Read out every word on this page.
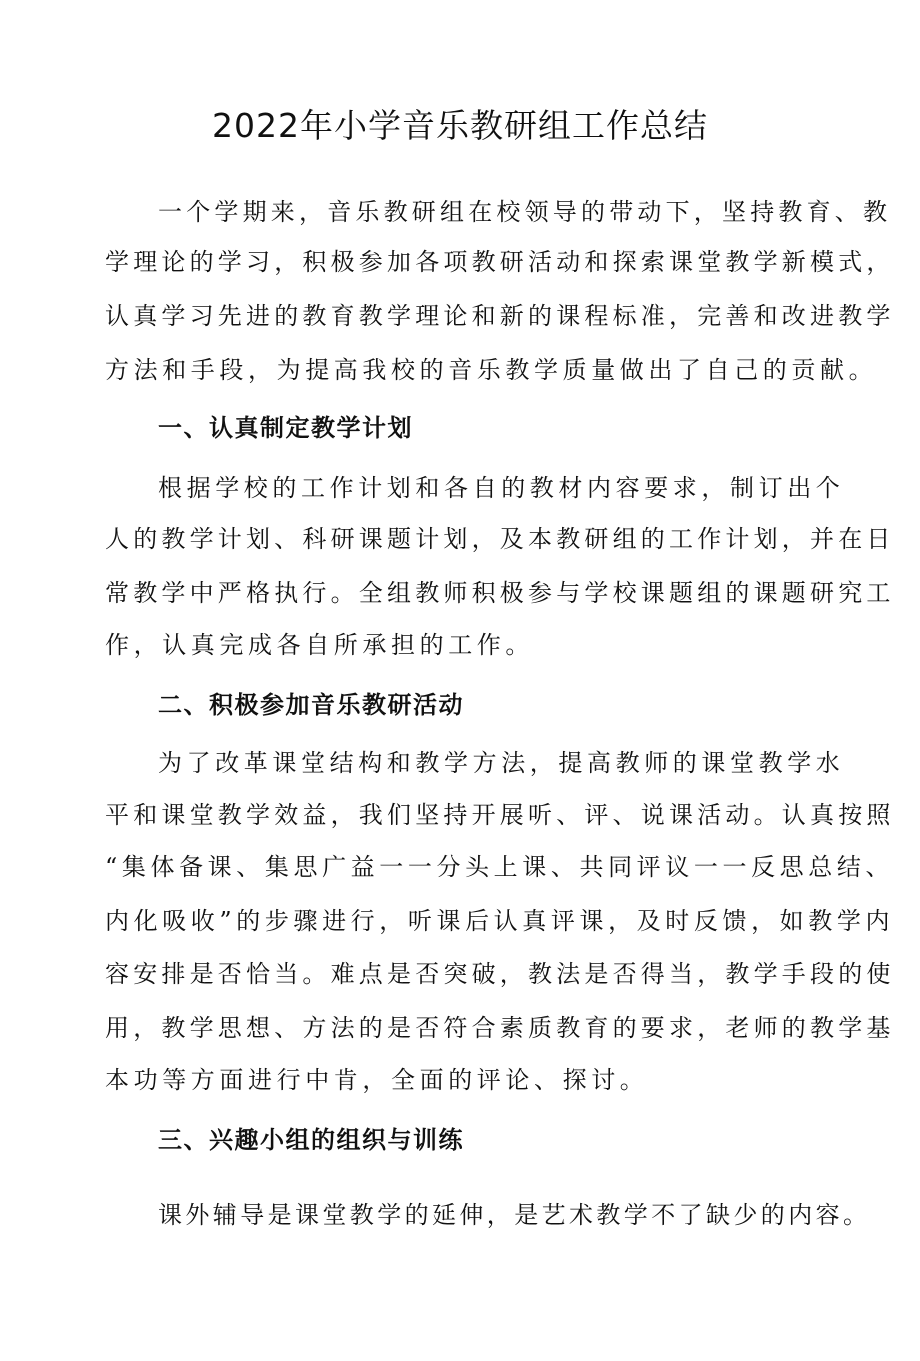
2022年小学音乐教研组工作总结

一个学期来，音乐教研组在校领导的带动下，坚持教育、教

学理论的学习，积极参加各项教研活动和探索课堂教学新模式，

认真学习先进的教育教学理论和新的课程标准，完善和改进教学

方法和手段，为提高我校的音乐教学质量做出了自己的贡献。

一、认真制定教学计划

根据学校的工作计划和各自的教材内容要求，制订出个

人的教学计划、科研课题计划，及本教研组的工作计划，并在日

常教学中严格执行。全组教师积极参与学校课题组的课题研究工

作，认真完成各自所承担的工作。

二、积极参加音乐教研活动

为了改革课堂结构和教学方法，提高教师的课堂教学水

平和课堂教学效益，我们坚持开展听、评、说课活动。认真按照

“集体备课、集思广益一一分头上课、共同评议一一反思总结、

内化吸收”的步骤进行，听课后认真评课，及时反馈，如教学内

容安排是否恰当。难点是否突破，教法是否得当，教学手段的使

用，教学思想、方法的是否符合素质教育的要求，老师的教学基

本功等方面进行中肯，全面的评论、探讨。

三、兴趣小组的组织与训练

课外辅导是课堂教学的延伸，是艺术教学不了缺少的内容。
